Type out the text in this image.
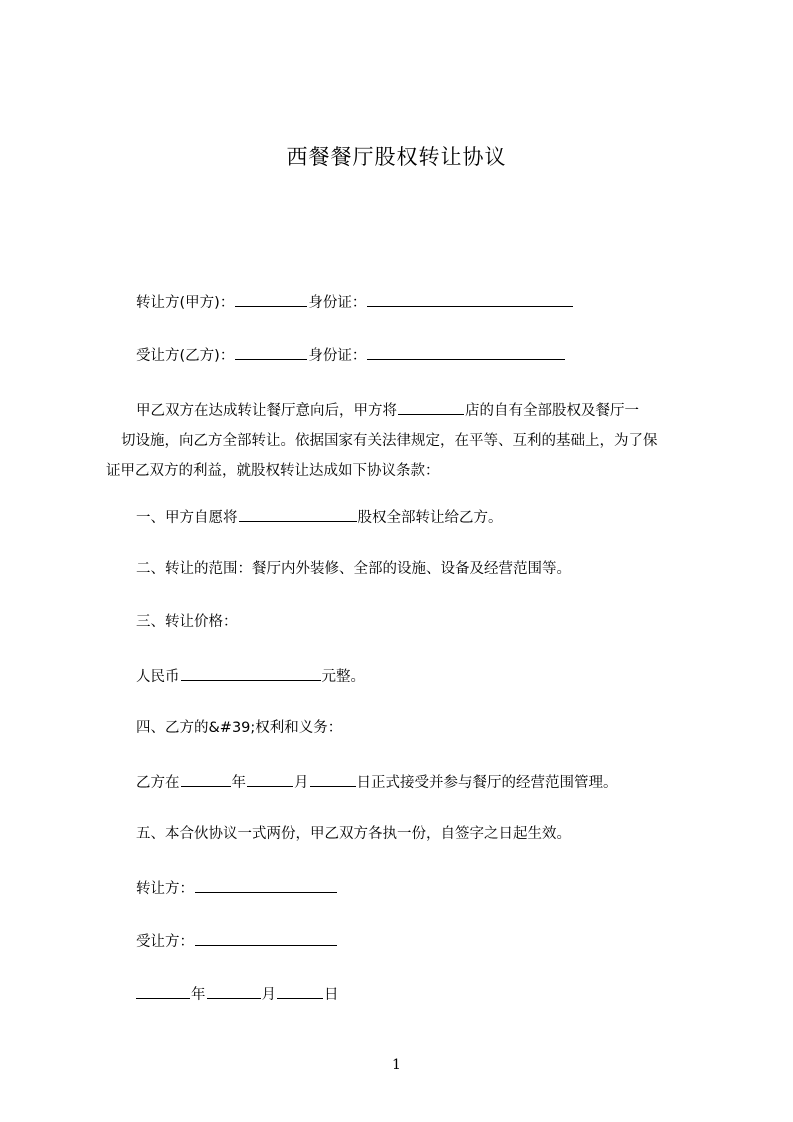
西餐餐厅股权转让协议
转让方(甲方)：	身份证：
受让方(乙方)：	身份证：
甲乙双方在达成转让餐厅意向后，甲方将	店的自有全部股权及餐厅一
切设施，向乙方全部转让。依据国家有关法律规定，在平等、互利的基础上，为了保
证甲乙双方的利益，就股权转让达成如下协议条款：
一、甲方自愿将	股权全部转让给乙方。
二、转让的范围：餐厅内外装修、全部的设施、设备及经营范围等。
三、转让价格：
人民币	元整。
四、乙方的&#39;权利和义务：
乙方在	年	月	日正式接受并参与餐厅的经营范围管理。
五、本合伙协议一式两份，甲乙双方各执一份，自签字之日起生效。
转让方：
受让方：
年	月	日
1
